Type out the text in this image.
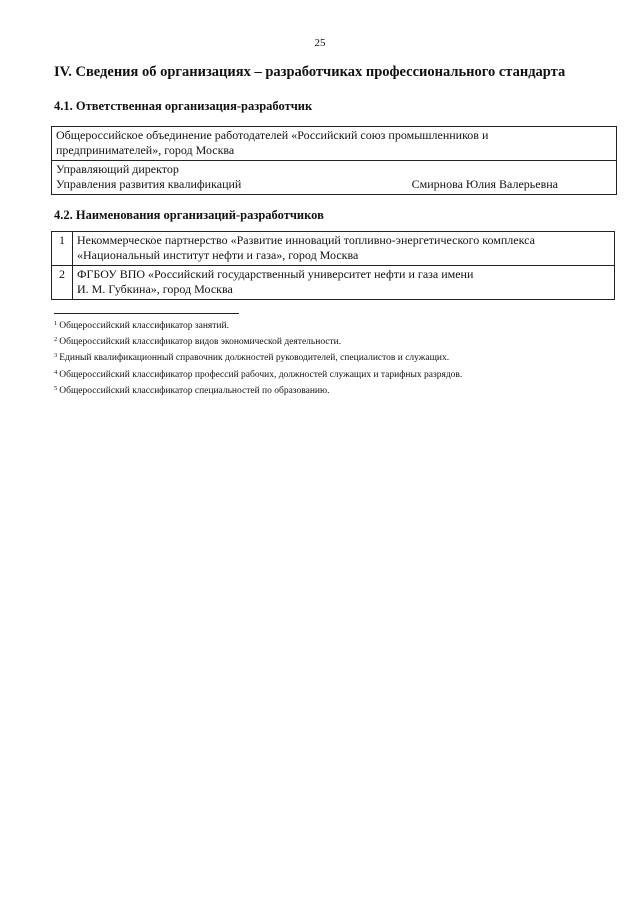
25
IV. Сведения об организациях – разработчиках профессионального стандарта
4.1. Ответственная организация-разработчик
Общероссийское объединение работодателей «Российский союз промышленников и
предпринимателей», город Москва
Управляющий директор
Управления развития квалификаций	Смирнова Юлия Валерьевна
4.2. Наименования организаций-разработчиков
1	Некоммерческое партнерство «Развитие инноваций топливно-энергетического комплекса
«Национальный институт нефти и газа», город Москва

2	ФГБОУ ВПО «Российский государственный университет нефти и газа имени
И. М. Губкина», город Москва
$^1$ Общероссийский классификатор занятий.
$^2$ Общероссийский классификатор видов экономической деятельности.
$^3$ Единый квалификационный справочник должностей руководителей, специалистов и служащих.
$^4$ Общероссийский классификатор профессий рабочих, должностей служащих и тарифных разрядов.
$^5$ Общероссийский классификатор специальностей по образованию.
